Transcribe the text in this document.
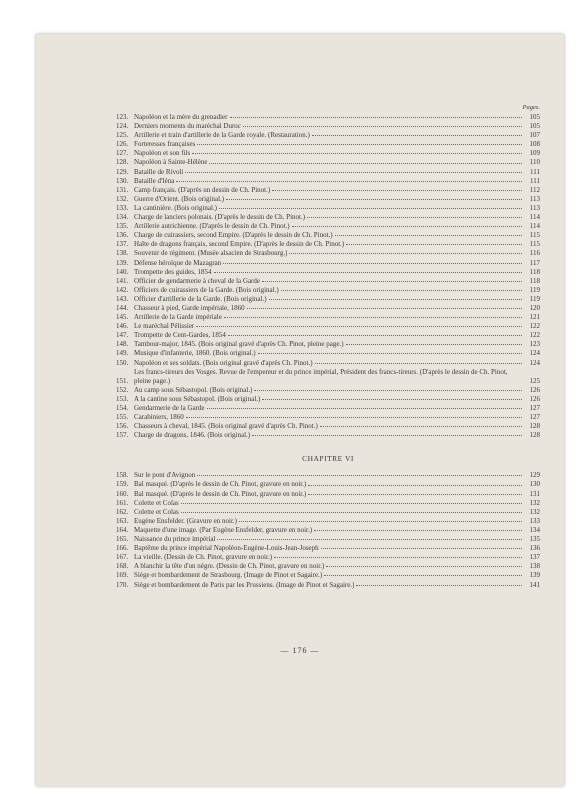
Pages.
123. Napoléon et la mère du grenadier	105
124. Derniers moments du maréchal Duroc	105
125. Artillerie et train d'artillerie de la Garde royale. (Restauration.)	107
126. Forteresses françaises	108
127. Napoléon et son fils	109
128. Napoléon à Sainte-Hélène	110
129. Bataille de Rivoli	111
130. Bataille d'Iéna	111
131. Camp français. (D'après un dessin de Ch. Pinot.)	112
132. Guerre d'Orient. (Bois original.)	113
133. La cantinière. (Bois original.)	113
134. Charge de lanciers polonais. (D'après le dessin de Ch. Pinot.)	114
135. Artillerie autrichienne. (D'après le dessin de Ch. Pinot.)	114
136. Charge de cuirassiers, second Empire. (D'après le dessin de Ch. Pinot.)	115
137. Halte de dragons français, second Empire. (D'après le dessin de Ch. Pinot.)	115
138. Souvenir de régiment. (Musée alsacien de Strasbourg.)	116
139. Défense héroïque de Mazagran	117
140. Trompette des guides, 1854	118
141. Officier de gendarmerie à cheval de la Garde	118
142. Officiers de cuirassiers de la Garde. (Bois original.)	119
143. Officier d'artillerie de la Garde. (Bois original.)	119
144. Chasseur à pied, Garde impériale, 1860	120
145. Artillerie de la Garde impériale	121
146. Le maréchal Pélissier	122
147. Trompette de Cent-Gardes, 1854	122
148. Tambour-major, 1845. (Bois original gravé d'après Ch. Pinot, pleine page.)	123
149. Musique d'infanterie, 1860. (Bois original.)	124
150. Napoléon et ses soldats. (Bois original gravé d'après Ch. Pinot.)	124
151.
Les francs-tireurs des Vosges. Revue de l'empereur et du prince impérial, Président des francs-tireurs. (D'après le dessin de Ch. Pinot, pleine page.)	125
152. Au camp sous Sébastopol. (Bois original.)	126
153. A la cantine sous Sébastopol. (Bois original.)	126
154. Gendarmerie de la Garde	127
155. Carabiniers, 1860	127
156. Chasseurs à cheval, 1845. (Bois original gravé d'après Ch. Pinot.)	128
157. Charge de dragons, 1846. (Bois original.)	128
CHAPITRE VI
158. Sur le pont d'Avignon	129
159. Bal masqué. (D'après le dessin de Ch. Pinot, gravure en noir.)	130
160. Bal masqué. (D'après le dessin de Ch. Pinot, gravure en noir.)	131
161. Colette et Colas	132
162. Colette et Colas	132
163. Eugène Ensfelder. (Gravure en noir.)	133
164. Maquette d'une image. (Par Eugène Ensfelder, gravure en noir.)	134
165. Naissance du prince impérial	135
166. Baptême du prince impérial Napoléon-Eugène-Louis-Jean-Joseph	136
167. La vieille. (Dessin de Ch. Pinot, gravure en noir.)	137
168. A blanchir la tête d'un nègre. (Dessin de Ch. Pinot, gravure en noir.)	138
169. Siège et bombardement de Strasbourg. (Image de Pinot et Sagaire.)	139
170. Siège et bombardement de Paris par les Prussiens. (Image de Pinot et Sagaire.)	141
— 176 —
